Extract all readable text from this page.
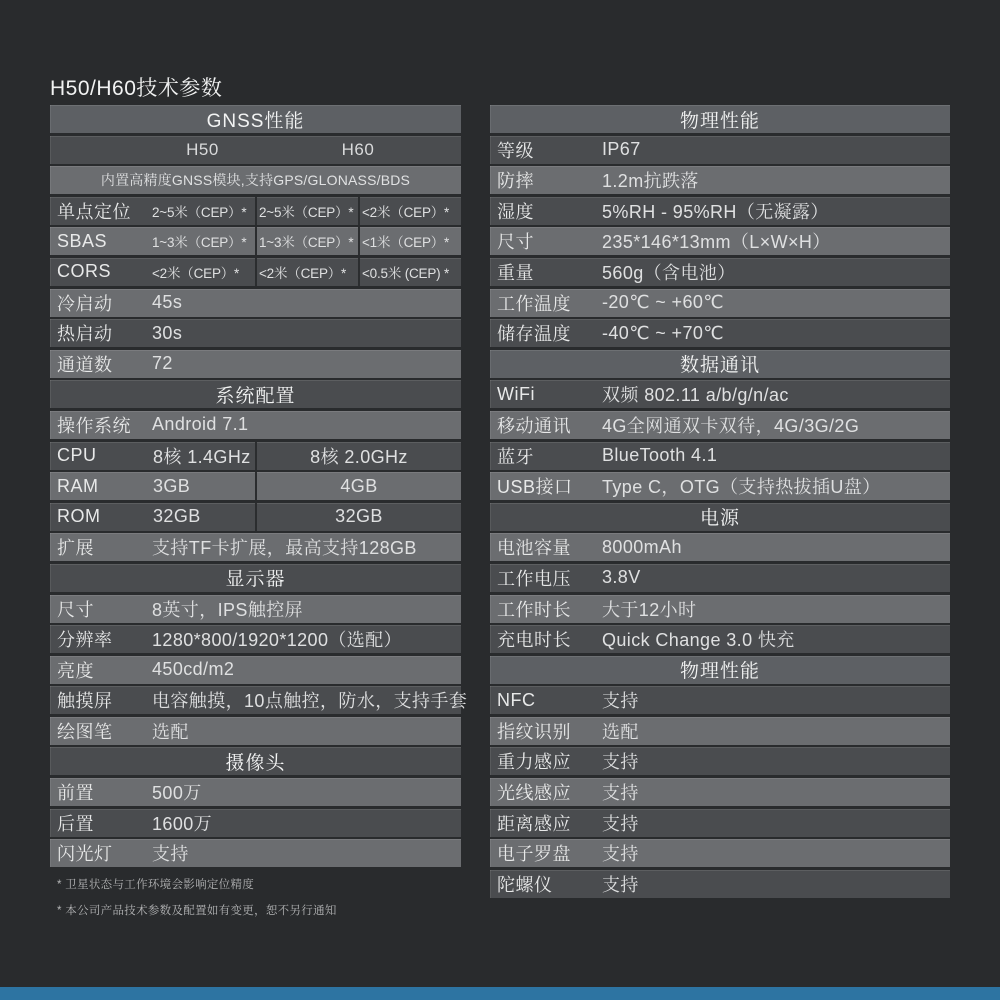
H50/H60技术参数
GNSS性能
H50	H60
内置高精度GNSS模块,支持GPS/GLONASS/BDS
单点定位	2~5米（CEP）* 2~5米（CEP）* <2米（CEP）*
SBAS	1~3米（CEP）* 1~3米（CEP）* <1米（CEP）*
CORS	<2米（CEP）*	<2米（CEP）*	<0.5米 (CEP) *
冷启动	45s
热启动	30s
通道数	72
系统配置
操作系统	Android 7.1
CPU	8核 1.4GHz	8核 2.0GHz
RAM	3GB	4GB
ROM	32GB	32GB
扩展	支持TF卡扩展，最高支持128GB
显示器
尺寸	8英寸，IPS触控屏
分辨率	1280*800/1920*1200（选配）
亮度	450cd/m2
触摸屏	电容触摸，10点触控，防水，支持手套
绘图笔	选配
摄像头
前置	500万
后置	1600万
闪光灯	支持
物理性能
等级	IP67
防摔	1.2m抗跌落
湿度	5%RH - 95%RH（无凝露）
尺寸	235*146*13mm（L×W×H）
重量	560g（含电池）
工作温度	-20℃ ~ +60℃
储存温度	-40℃ ~ +70℃
数据通讯
WiFi	双频 802.11 a/b/g/n/ac
移动通讯	4G全网通双卡双待，4G/3G/2G
蓝牙	BlueTooth 4.1
USB接口	Type C，OTG（支持热拔插U盘）
电源
电池容量	8000mAh
工作电压	3.8V
工作时长	大于12小时
充电时长	Quick Change 3.0 快充
物理性能
NFC	支持
指纹识别	选配
重力感应	支持
光线感应	支持
距离感应	支持
电子罗盘	支持
陀螺仪	支持
* 卫星状态与工作环境会影响定位精度
* 本公司产品技术参数及配置如有变更，恕不另行通知
